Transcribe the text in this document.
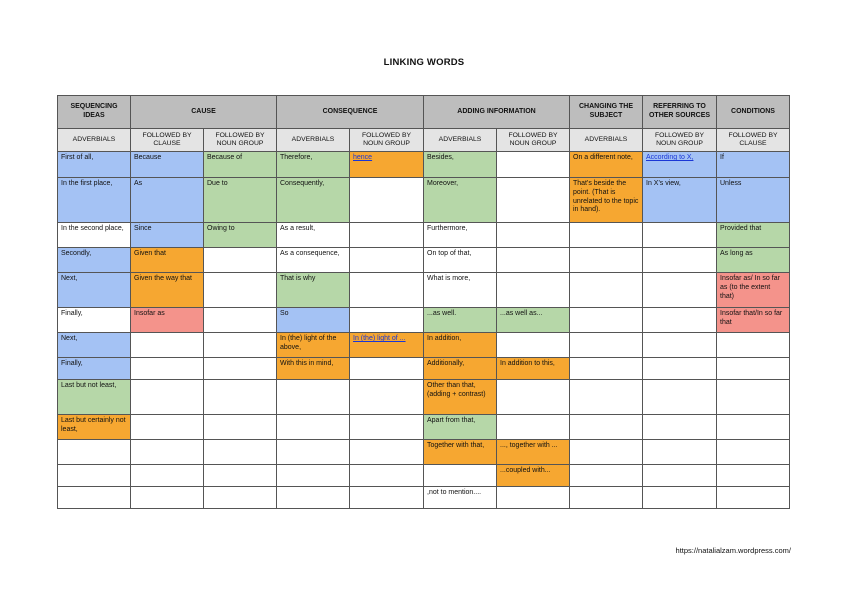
LINKING WORDS
SEQUENCING IDEAS	CAUSE		CONSEQUENCE		ADDING INFORMATION		CHANGING THE SUBJECT	REFERRING TO OTHER SOURCES	CONDITIONS
ADVERBIALS	FOLLOWED BY CLAUSE	FOLLOWED BY NOUN GROUP	ADVERBIALS	FOLLOWED BY NOUN GROUP	ADVERBIALS	FOLLOWED BY NOUN GROUP	ADVERBIALS	FOLLOWED BY NOUN GROUP	FOLLOWED BY CLAUSE
First of all,	Because	Because of	Therefore,	hence	Besides,		On a different note,	According to X,	If
In the first place,	As	Due to	Consequently,		Moreover,		That's beside the point. (That is unrelated to the topic in hand).	In X's view,	Unless
In the second place,	Since	Owing to	As a result,		Furthermore,				Provided that
Secondly,	Given that		As a consequence,		On top of that,				As long as
Next,	Given the way that		That is why		What is more,				Insofar as/ In so far as (to the extent that)
Finally,	Insofar as		So		...as well.	...as well as...			Insofar that/In so far that
Next,			In (the) light of the above,	In (the) light of ...	In addition,				
Finally,			With this in mind,		Additionally,	In addition to this,			
Last but not least,					Other than that, (adding + contrast)				
Last but certainly not least,					Apart from that,				
					Together with that,	..., together with ...			
						...coupled with...			
					,not to mention....				
https://natalialzam.wordpress.com/
